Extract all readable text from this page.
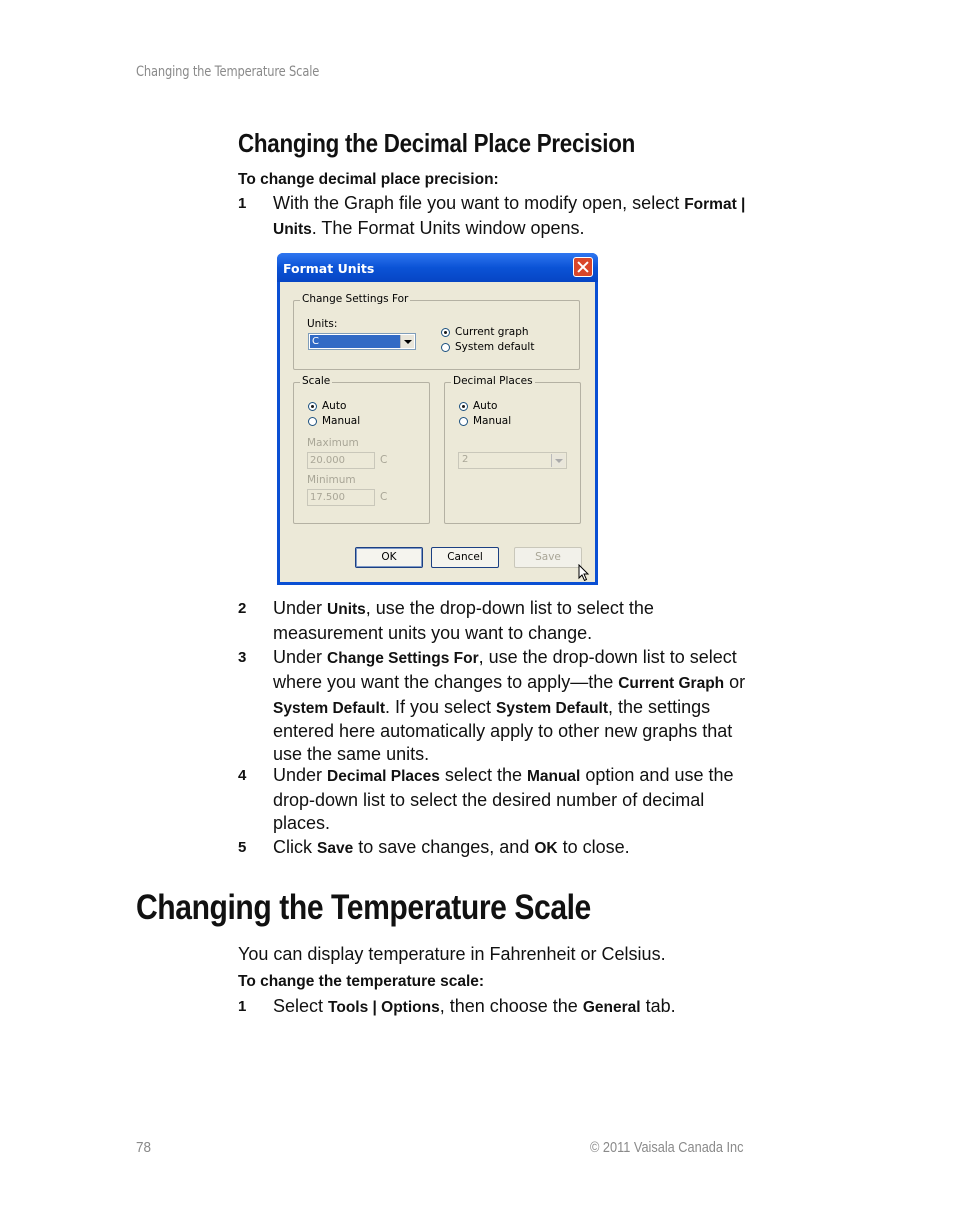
Changing the Temperature Scale
Changing the Decimal Place Precision
To change decimal place precision:
1 With the Graph file you want to modify open, select Format | Units. The Format Units window opens.
Format Units
Change Settings For
Units:
C
Current graph
System default
Scale
Auto
Manual
Maximum
20.000	C
Minimum
17.500	C
Decimal Places
Auto
Manual
2
OK	Cancel	Save
2 Under Units, use the drop-down list to select the measurement units you want to change.
3 Under Change Settings For, use the drop-down list to select where you want the changes to apply—the Current Graph or System Default. If you select System Default, the settings entered here automatically apply to other new graphs that use the same units.
4 Under Decimal Places select the Manual option and use the drop-down list to select the desired number of decimal places.
5 Click Save to save changes, and OK to close.
Changing the Temperature Scale
You can display temperature in Fahrenheit or Celsius.
To change the temperature scale:
1 Select Tools | Options, then choose the General tab.
78	© 2011 Vaisala Canada Inc
